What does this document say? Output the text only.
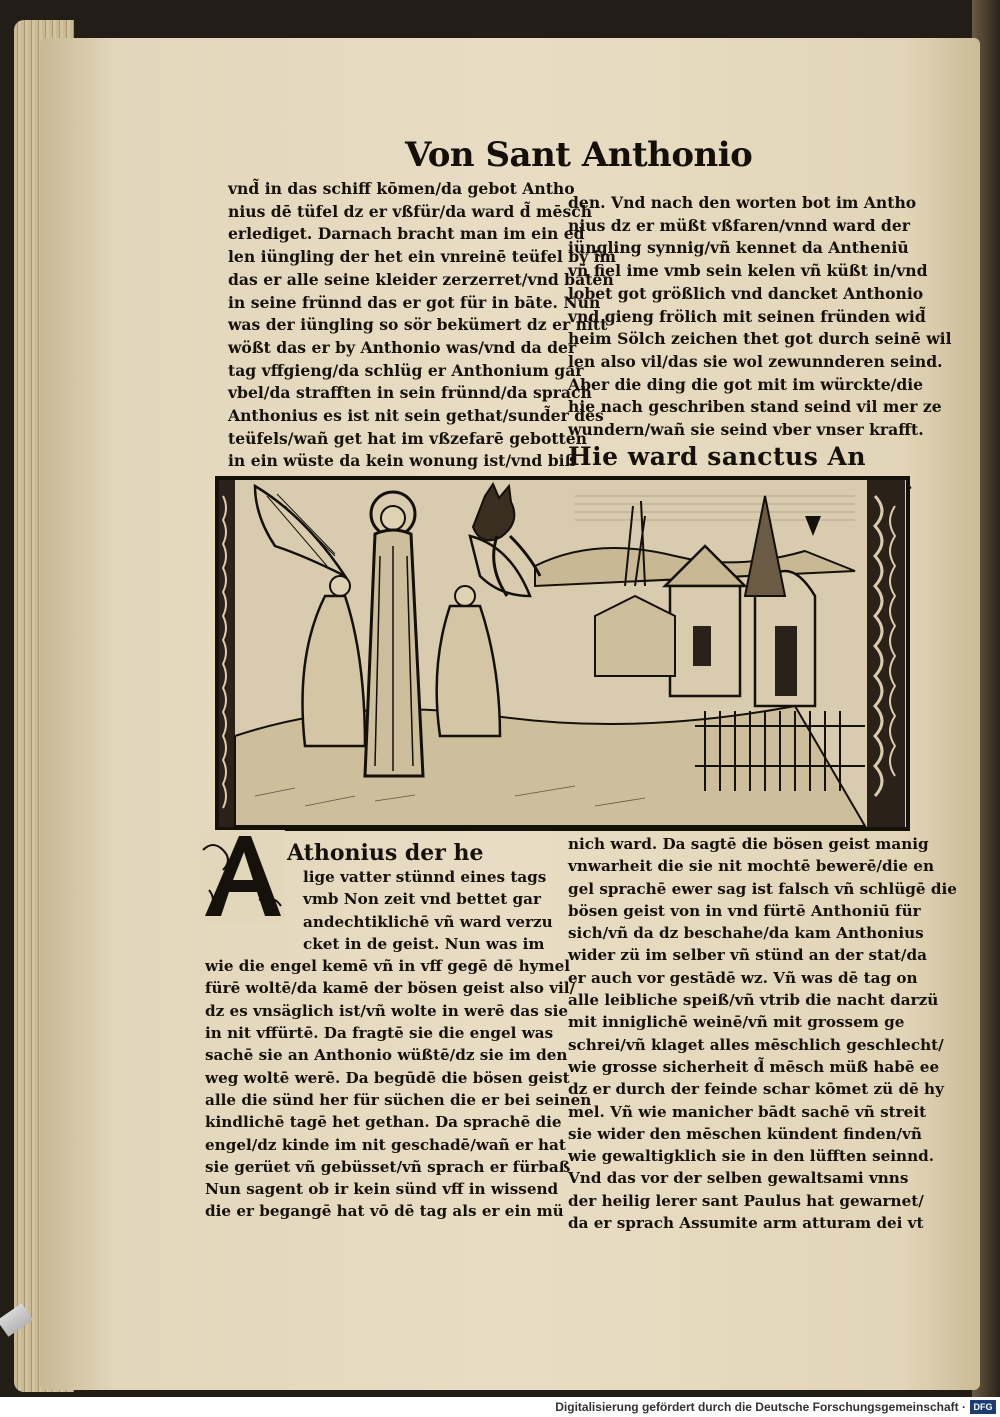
Von Sant Anthonio
vnd̃ in das schiff kōmen/da gebot Antho
nius dē tüfel dz er vßfür/da ward d̃ mēsch
erlediget. Darnach bracht man im ein ed
len iüngling der het ein vnreinē teüfel by im
das er alle seine kleider zerzerret/vnd baten
in seine frünnd das er got für in bāte. Nun
was der iüngling so sör bekümert dz er nitt
wößt das er by Anthonio was/vnd da der
tag vffgieng/da schlüg er Anthonium gar
vbel/da strafften in sein frünnd/da sprach
Anthonius es ist nit sein gethat/sund̃er des
teüfels/wañ get hat im vßzefarē gebotten
in ein wüste da kein wonung ist/vnd biß
den. Vnd nach den worten bot im Antho
nius dz er müßt vßfaren/vnnd ward der
iüngling synnig/vñ kennet da Antheniū
vñ fiel ime vmb sein kelen vñ küßt in/vnd
lobet got größlich vnd dancket Anthonio
vnd gieng frölich mit seinen fründen wid̃
heim Sölch zeichen thet got durch seinē wil
len also vil/das sie wol zewunnderen seind.
Aber die ding die got mit im würckte/die
hie nach geschriben stand seind vil mer ze
wundern/wañ sie seind vber vnser krafft.
Hie ward sanctus An
Athonius der he
lige vatter stünnd eines tags
vmb Non zeit vnd bettet gar
andechtiklichē vñ ward verzu
cket in de geist. Nun was im
wie die engel kemē vñ in vff gegē dē hymel
fürē woltē/da kamē der bösen geist also vil/
dz es vnsäglich ist/vñ wolte in werē das sie
in nit vffürtē. Da fragtē sie die engel was
sachē sie an Anthonio wüßtē/dz sie im den
weg woltē werē. Da begūdē die bösen geist
alle die sünd her für süchen die er bei seinen
kindlichē tagē het gethan. Da sprachē die
engel/dz kinde im nit geschadē/wañ er hat
sie gerüet vñ gebüsset/vñ sprach er fürbaß
Nun sagent ob ir kein sünd vff in wissend
die er begangē hat vō dē tag als er ein mü
nich ward. Da sagtē die bösen geist manig
vnwarheit die sie nit mochtē bewerē/die en
gel sprachē ewer sag ist falsch vñ schlügē die
bösen geist von in vnd fürtē Anthoniū für
sich/vñ da dz beschahe/da kam Anthonius
wider zü im selber vñ stünd an der stat/da
er auch vor gestādē wz. Vñ was dē tag on
alle leibliche speiß/vñ vtrib die nacht darzü
mit inniglichē weinē/vñ mit grossem ge
schrei/vñ klaget alles mēschlich geschlecht/
wie grosse sicherheit d̃ mēsch müß habē ee
dz er durch der feinde schar kōmet zü dē hy
mel. Vñ wie manicher bādt sachē vñ streit
sie wider den mēschen kündent finden/vñ
wie gewaltigklich sie in den lüfften seinnd.
Vnd das vor der selben gewaltsami vnns
der heilig lerer sant Paulus hat gewarnet/
da er sprach Assumite arm atturam dei vt
Digitalisierung gefördert durch die Deutsche Forschungsgemeinschaft · DFG
